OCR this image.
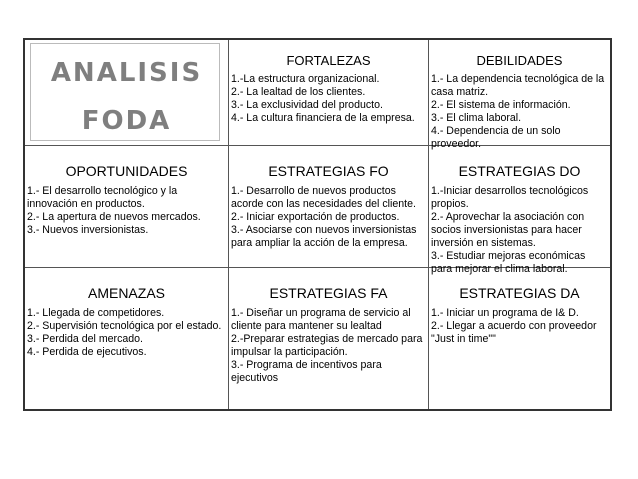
ANALISIS
FODA
FORTALEZAS
1.-La estructura organizacional.
2.- La lealtad de los clientes.
3.- La exclusividad del producto.
4.- La cultura financiera de la empresa.
DEBILIDADES
1.- La dependencia tecnológica de la casa matriz.
2.- El sistema de información.
3.- El clima laboral.
4.- Dependencia de un solo proveedor.
OPORTUNIDADES
1.- El desarrollo tecnológico y la innovación en productos.
2.- La apertura de nuevos mercados.
3.- Nuevos inversionistas.
ESTRATEGIAS FO
1.- Desarrollo de nuevos productos acorde con las necesidades del cliente.
2.- Iniciar exportación de productos.
3.- Asociarse con nuevos inversionistas para ampliar la acción de la empresa.
ESTRATEGIAS DO
1.-Iniciar desarrollos tecnológicos propios.
2.- Aprovechar la asociación con socios inversionistas para hacer inversión en sistemas.
3.- Estudiar mejoras económicas para mejorar el clima laboral.
AMENAZAS
1.- Llegada de competidores.
2.- Supervisión tecnológica por el estado.
3.- Perdida del mercado.
4.- Perdida de ejecutivos.
ESTRATEGIAS FA
1.- Diseñar un programa de servicio al cliente para mantener su lealtad
2.-Preparar estrategias de mercado para impulsar la participación.
3.- Programa de incentivos para ejecutivos
ESTRATEGIAS DA
1.- Iniciar un programa de I& D.
2.- Llegar a acuerdo con proveedor "Just in time""
